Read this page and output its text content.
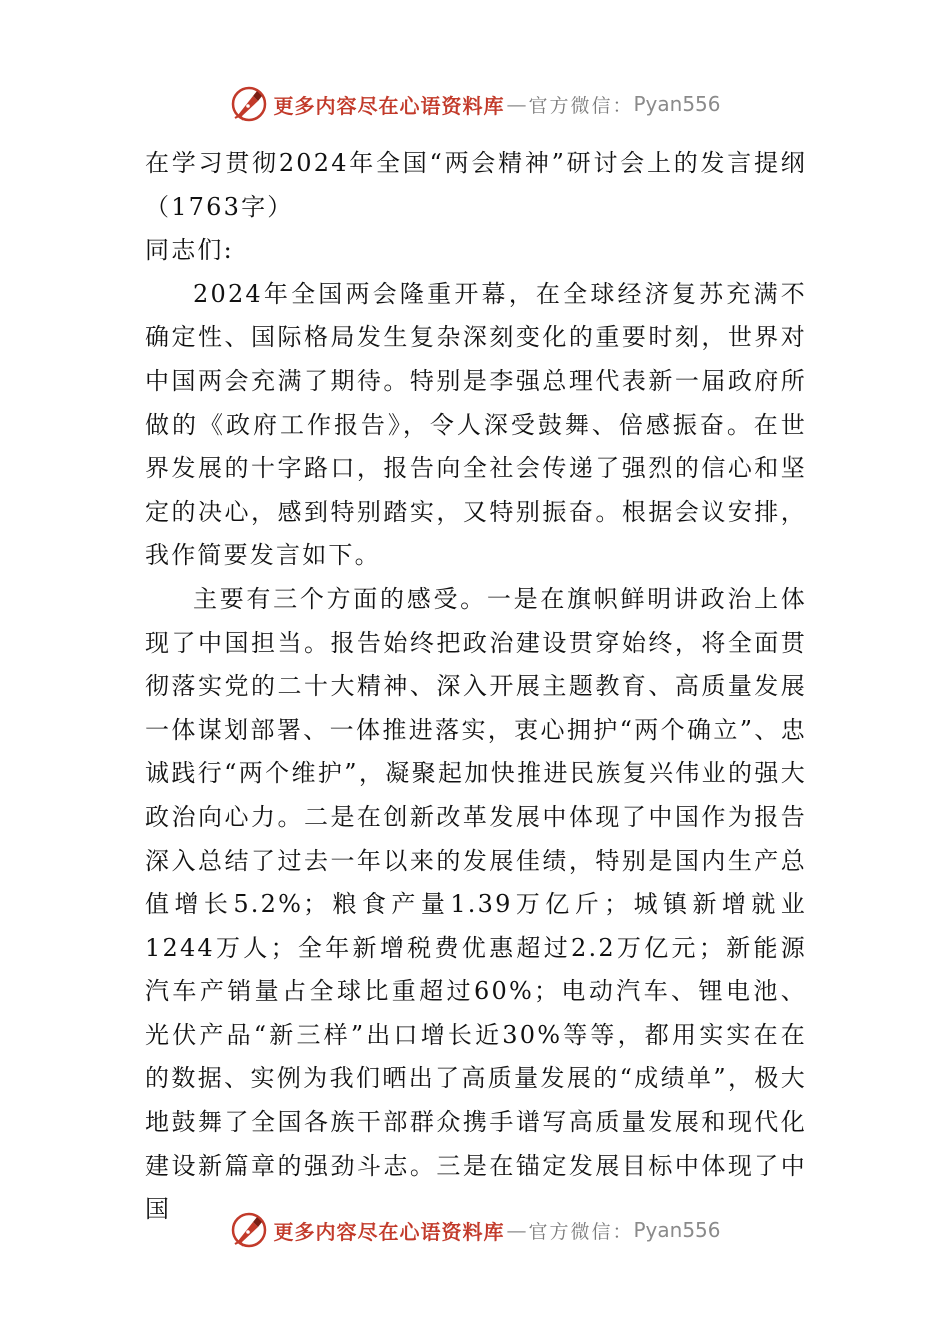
更多内容尽在心语资料库 — 官方微信： Pyan556

在学习贯彻2024年全国“两会精神”研讨会上的发言提纲（1763字）

同志们:

2024年全国两会隆重开幕，在全球经济复苏充满不确定性、国际格局发生复杂深刻变化的重要时刻，世界对中国两会充满了期待。特别是李强总理代表新一届政府所做的《政府工作报告》，令人深受鼓舞、倍感振奋。在世界发展的十字路口，报告向全社会传递了强烈的信心和坚定的决心，感到特别踏实，又特别振奋。根据会议安排，我作简要发言如下。

主要有三个方面的感受。一是在旗帜鲜明讲政治上体现了中国担当。报告始终把政治建设贯穿始终，将全面贯彻落实党的二十大精神、深入开展主题教育、高质量发展一体谋划部署、一体推进落实，衷心拥护“两个确立”、忠诚践行“两个维护”，凝聚起加快推进民族复兴伟业的强大政治向心力。二是在创新改革发展中体现了中国作为报告深入总结了过去一年以来的发展佳绩，特别是国内生产总值增长5.2%；粮食产量1.39万亿斤；城镇新增就业1244万人；全年新增税费优惠超过2.2万亿元；新能源汽车产销量占全球比重超过60%；电动汽车、锂电池、光伏产品“新三样”出口增长近30%等等，都用实实在在的数据、实例为我们晒出了高质量发展的“成绩单”，极大地鼓舞了全国各族干部群众携手谱写高质量发展和现代化建设新篇章的强劲斗志。三是在锚定发展目标中体现了中国

更多内容尽在心语资料库 — 官方微信： Pyan556
